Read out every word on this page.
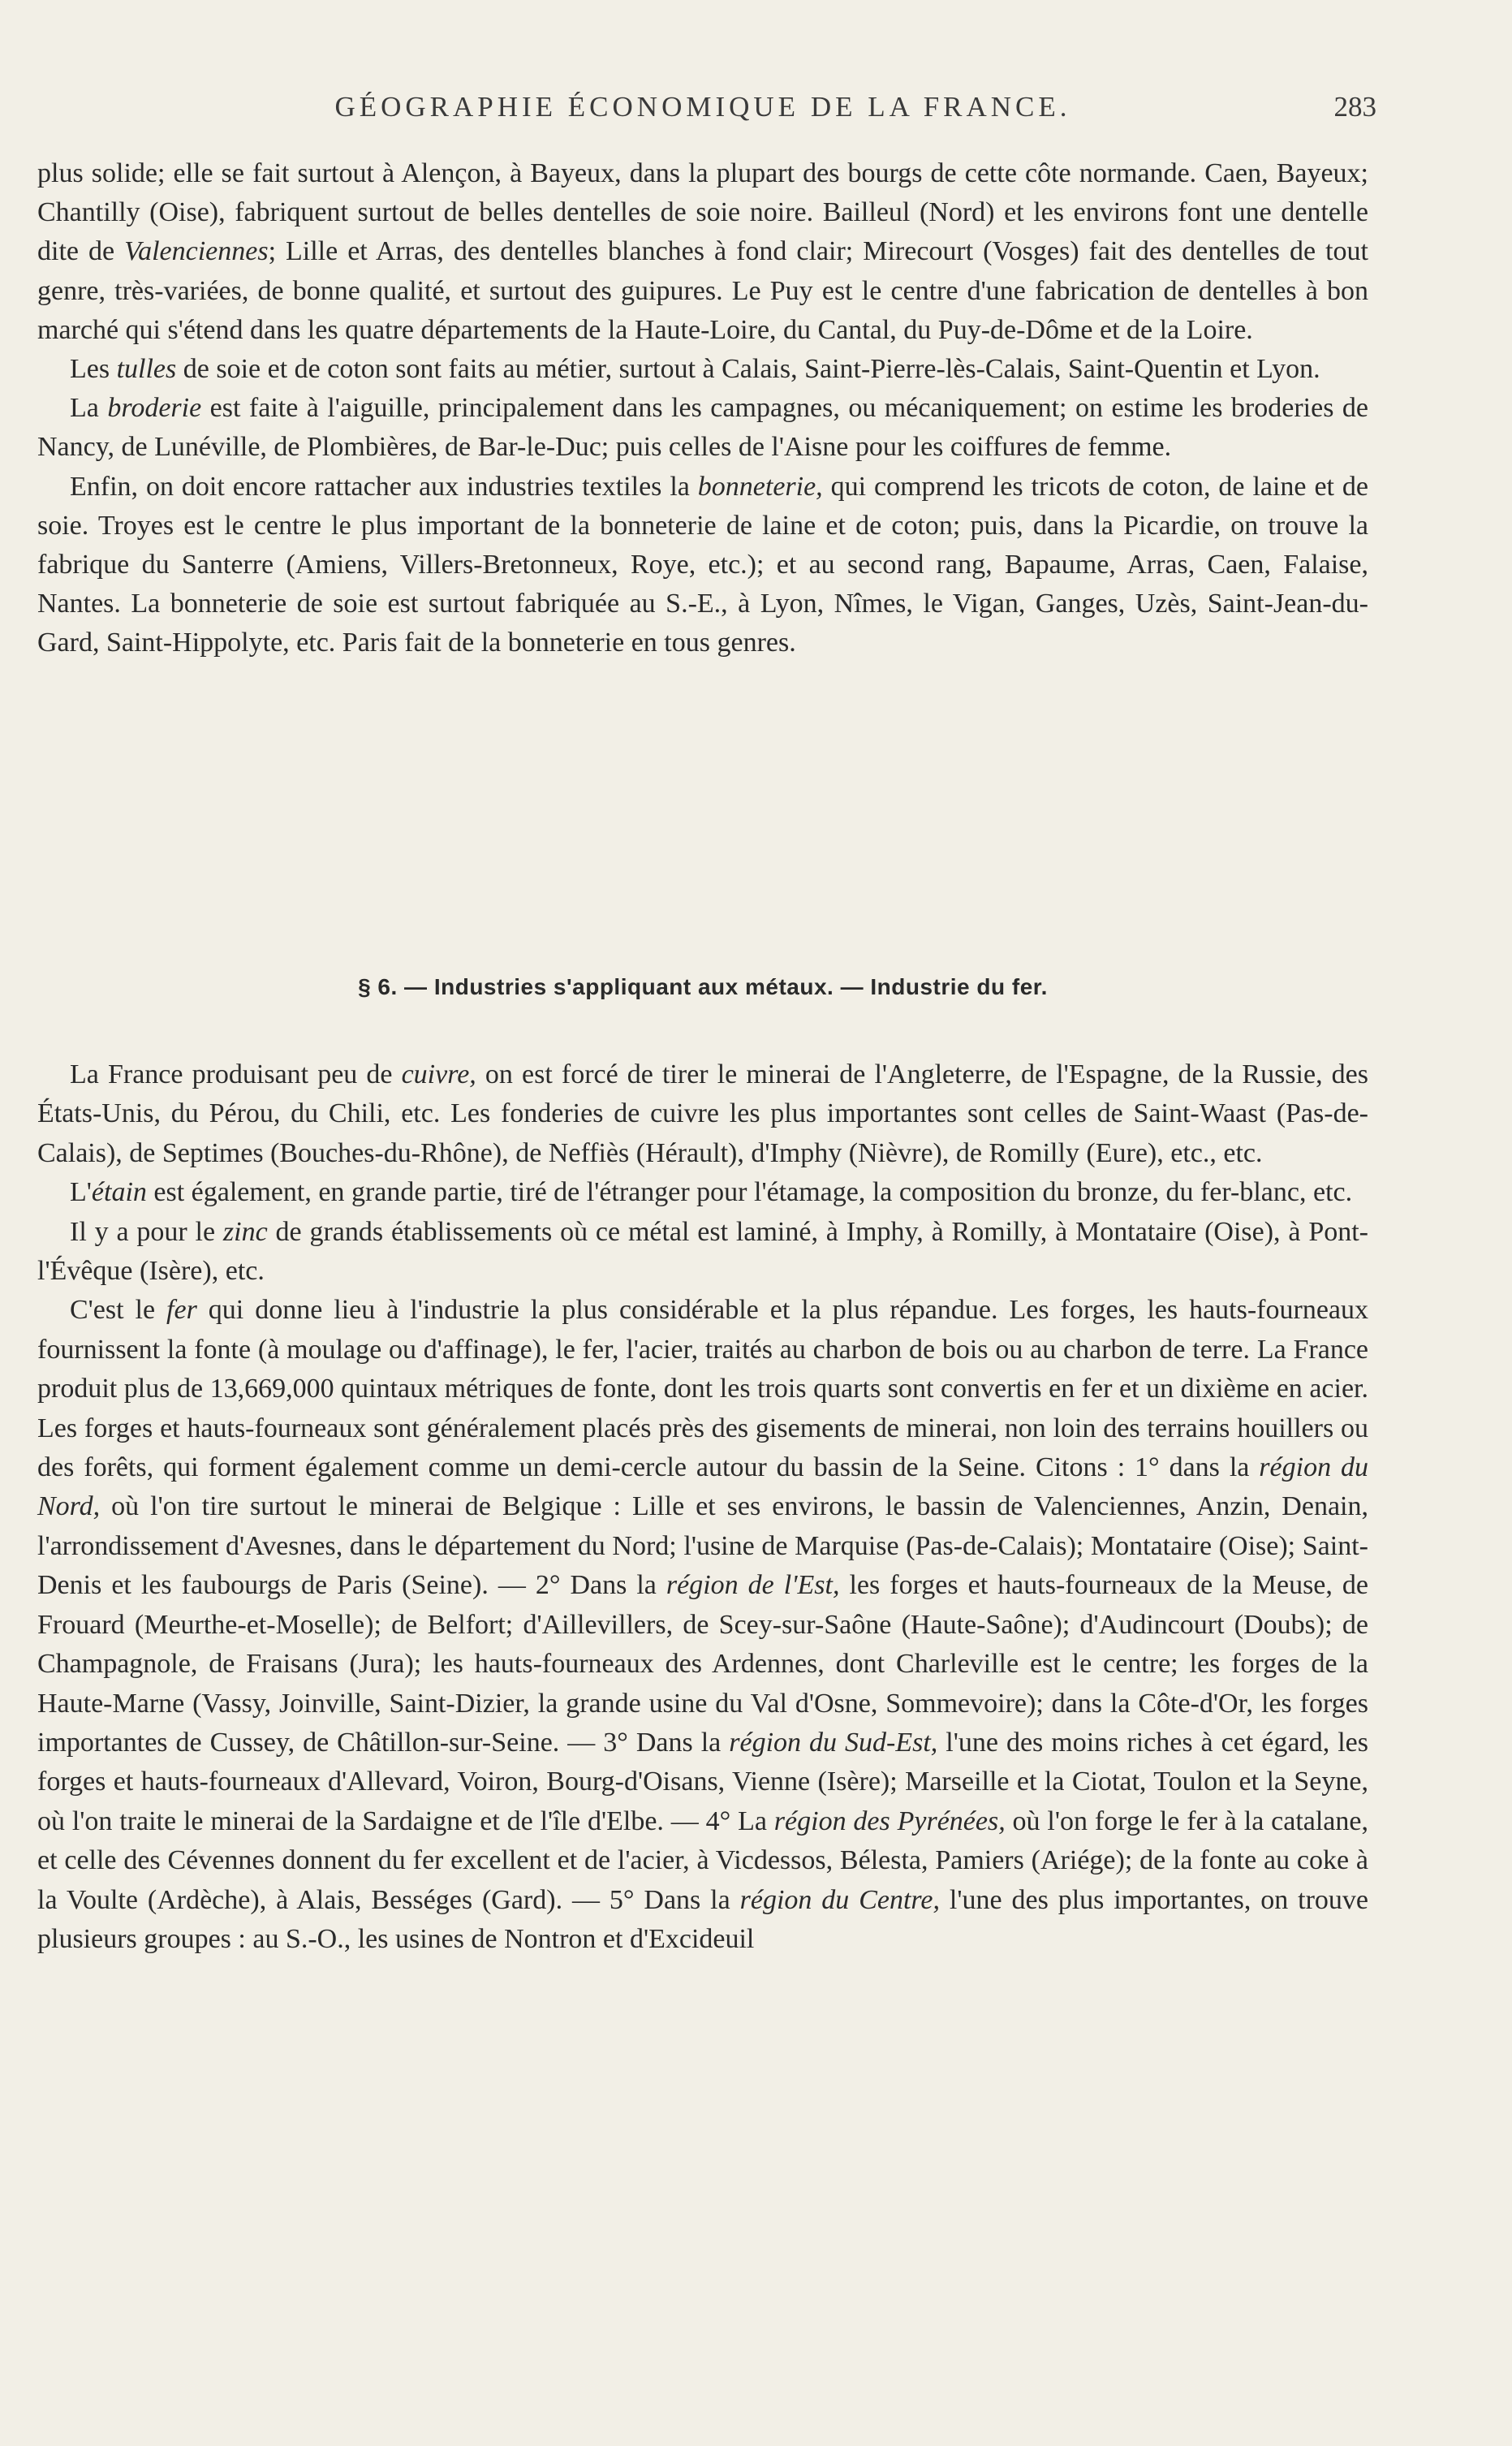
GÉOGRAPHIE ÉCONOMIQUE DE LA FRANCE.	283

plus solide; elle se fait surtout à Alençon, à Bayeux, dans la plupart des bourgs de cette côte normande. Caen, Bayeux; Chantilly (Oise), fabriquent surtout de belles dentelles de soie noire. Bailleul (Nord) et les environs font une dentelle dite de Valenciennes; Lille et Arras, des dentelles blanches à fond clair; Mirecourt (Vosges) fait des dentelles de tout genre, très-variées, de bonne qualité, et surtout des guipures. Le Puy est le centre d'une fabrication de dentelles à bon marché qui s'étend dans les quatre départements de la Haute-Loire, du Cantal, du Puy-de-Dôme et de la Loire.

Les tulles de soie et de coton sont faits au métier, surtout à Calais, Saint-Pierre-lès-Calais, Saint-Quentin et Lyon.

La broderie est faite à l'aiguille, principalement dans les campagnes, ou mécaniquement; on estime les broderies de Nancy, de Lunéville, de Plombières, de Bar-le-Duc; puis celles de l'Aisne pour les coiffures de femme.

Enfin, on doit encore rattacher aux industries textiles la bonneterie, qui comprend les tricots de coton, de laine et de soie. Troyes est le centre le plus important de la bonneterie de laine et de coton; puis, dans la Picardie, on trouve la fabrique du Santerre (Amiens, Villers-Bretonneux, Roye, etc.); et au second rang, Bapaume, Arras, Caen, Falaise, Nantes. La bonneterie de soie est surtout fabriquée au S.-E., à Lyon, Nîmes, le Vigan, Ganges, Uzès, Saint-Jean-du-Gard, Saint-Hippolyte, etc. Paris fait de la bonneterie en tous genres.

§ 6. — Industries s'appliquant aux métaux. — Industrie du fer.

La France produisant peu de cuivre, on est forcé de tirer le minerai de l'Angleterre, de l'Espagne, de la Russie, des États-Unis, du Pérou, du Chili, etc. Les fonderies de cuivre les plus importantes sont celles de Saint-Waast (Pas-de-Calais), de Septimes (Bouches-du-Rhône), de Neffiès (Hérault), d'Imphy (Nièvre), de Romilly (Eure), etc., etc.

L'étain est également, en grande partie, tiré de l'étranger pour l'étamage, la composition du bronze, du fer-blanc, etc.

Il y a pour le zinc de grands établissements où ce métal est laminé, à Imphy, à Romilly, à Montataire (Oise), à Pont-l'Évêque (Isère), etc.

C'est le fer qui donne lieu à l'industrie la plus considérable et la plus répandue. Les forges, les hauts-fourneaux fournissent la fonte (à moulage ou d'affinage), le fer, l'acier, traités au charbon de bois ou au charbon de terre. La France produit plus de 13,669,000 quintaux métriques de fonte, dont les trois quarts sont convertis en fer et un dixième en acier. Les forges et hauts-fourneaux sont généralement placés près des gisements de minerai, non loin des terrains houillers ou des forêts, qui forment également comme un demi-cercle autour du bassin de la Seine. Citons : 1° dans la région du Nord, où l'on tire surtout le minerai de Belgique : Lille et ses environs, le bassin de Valenciennes, Anzin, Denain, l'arrondissement d'Avesnes, dans le département du Nord; l'usine de Marquise (Pas-de-Calais); Montataire (Oise); Saint-Denis et les faubourgs de Paris (Seine). — 2° Dans la région de l'Est, les forges et hauts-fourneaux de la Meuse, de Frouard (Meurthe-et-Moselle); de Belfort; d'Aillevillers, de Scey-sur-Saône (Haute-Saône); d'Audincourt (Doubs); de Champagnole, de Fraisans (Jura); les hauts-fourneaux des Ardennes, dont Charleville est le centre; les forges de la Haute-Marne (Vassy, Joinville, Saint-Dizier, la grande usine du Val d'Osne, Sommevoire); dans la Côte-d'Or, les forges importantes de Cussey, de Châtillon-sur-Seine. — 3° Dans la région du Sud-Est, l'une des moins riches à cet égard, les forges et hauts-fourneaux d'Allevard, Voiron, Bourg-d'Oisans, Vienne (Isère); Marseille et la Ciotat, Toulon et la Seyne, où l'on traite le minerai de la Sardaigne et de l'île d'Elbe. — 4° La région des Pyrénées, où l'on forge le fer à la catalane, et celle des Cévennes donnent du fer excellent et de l'acier, à Vicdessos, Bélesta, Pamiers (Ariége); de la fonte au coke à la Voulte (Ardèche), à Alais, Bességes (Gard). — 5° Dans la région du Centre, l'une des plus importantes, on trouve plusieurs groupes : au S.-O., les usines de Nontron et d'Excideuil
